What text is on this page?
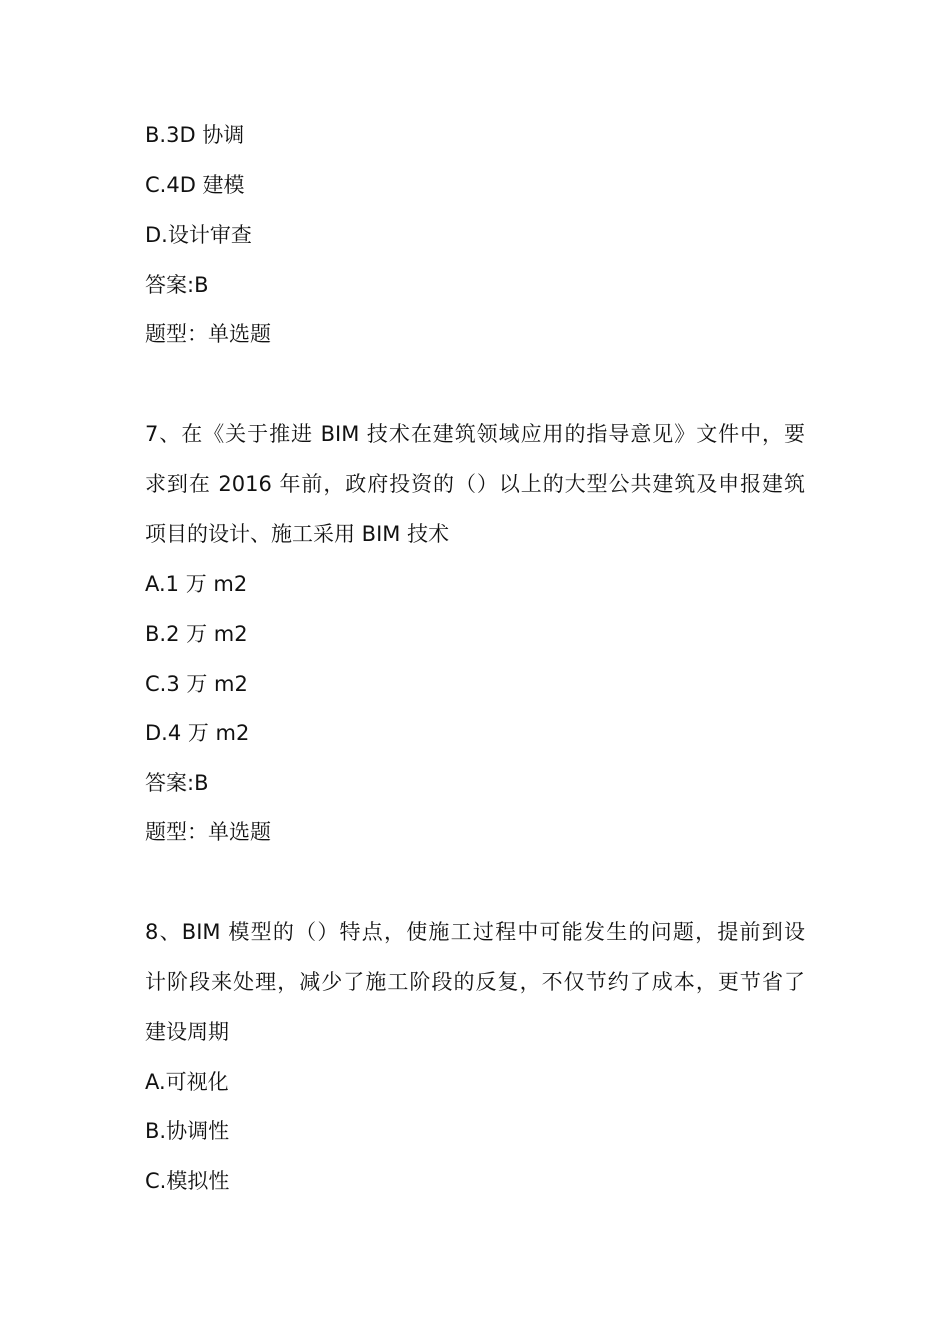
B.3D 协调
C.4D 建模
D.设计审查
答案:B
题型：单选题
7、在《关于推进 BIM 技术在建筑领域应用的指导意见》文件中，要
求到在 2016 年前，政府投资的（）以上的大型公共建筑及申报建筑
项目的设计、施工采用 BIM 技术
A.1 万 m2
B.2 万 m2
C.3 万 m2
D.4 万 m2
答案:B
题型：单选题
8、BIM 模型的（）特点，使施工过程中可能发生的问题，提前到设
计阶段来处理，减少了施工阶段的反复，不仅节约了成本，更节省了
建设周期
A.可视化
B.协调性
C.模拟性
